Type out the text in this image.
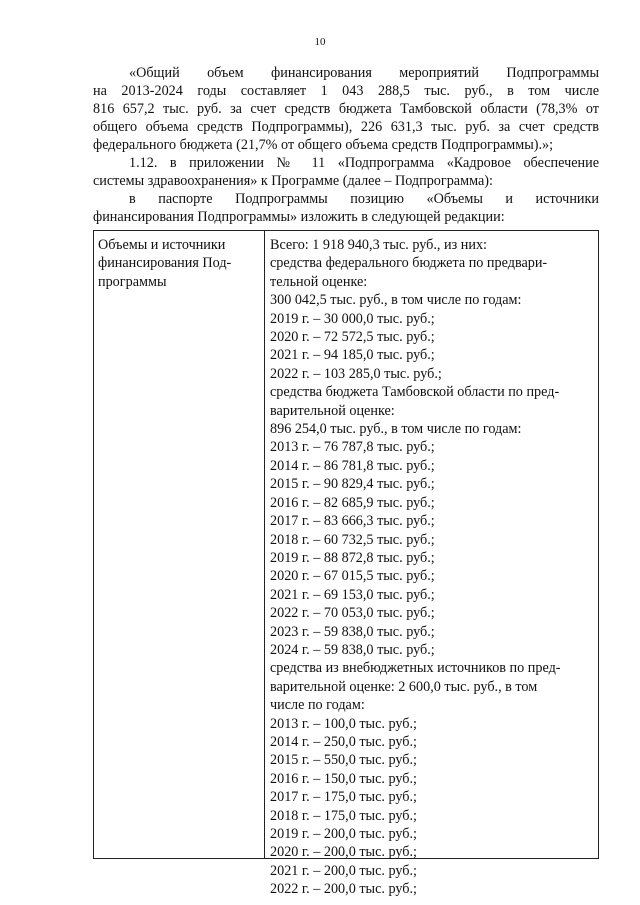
10
«Общий объем финансирования мероприятий Подпрограммы
на 2013-2024 годы составляет 1 043 288,5 тыс. руб., в том числе
816 657,2 тыс. руб. за счет средств бюджета Тамбовской области (78,3% от
общего объема средств Подпрограммы), 226 631,3 тыс. руб. за счет средств
федерального бюджета (21,7% от общего объема средств Подпрограммы).»;
1.12. в приложении № 11 «Подпрограмма «Кадровое обеспечение
системы здравоохранения» к Программе (далее – Подпрограмма):
в паспорте Подпрограммы позицию «Объемы и источники
финансирования Подпрограммы» изложить в следующей редакции:
Объемы и источники
финансирования Под-
программы
Всего: 1 918 940,3 тыс. руб., из них:
средства федерального бюджета по предвари-
тельной оценке:
300 042,5 тыс. руб., в том числе по годам:
2019 г. – 30 000,0 тыс. руб.;
2020 г. – 72 572,5 тыс. руб.;
2021 г. – 94 185,0 тыс. руб.;
2022 г. – 103 285,0 тыс. руб.;
средства бюджета Тамбовской области по пред-
варительной оценке:
896 254,0 тыс. руб., в том числе по годам:
2013 г. – 76 787,8 тыс. руб.;
2014 г. – 86 781,8 тыс. руб.;
2015 г. – 90 829,4 тыс. руб.;
2016 г. – 82 685,9 тыс. руб.;
2017 г. – 83 666,3 тыс. руб.;
2018 г. – 60 732,5 тыс. руб.;
2019 г. – 88 872,8 тыс. руб.;
2020 г. – 67 015,5 тыс. руб.;
2021 г. – 69 153,0 тыс. руб.;
2022 г. – 70 053,0 тыс. руб.;
2023 г. – 59 838,0 тыс. руб.;
2024 г. – 59 838,0 тыс. руб.;
средства из внебюджетных источников по пред-
варительной оценке: 2 600,0 тыс. руб., в том
числе по годам:
2013 г. – 100,0 тыс. руб.;
2014 г. – 250,0 тыс. руб.;
2015 г. – 550,0 тыс. руб.;
2016 г. – 150,0 тыс. руб.;
2017 г. – 175,0 тыс. руб.;
2018 г. – 175,0 тыс. руб.;
2019 г. – 200,0 тыс. руб.;
2020 г. – 200,0 тыс. руб.;
2021 г. – 200,0 тыс. руб.;
2022 г. – 200,0 тыс. руб.;
